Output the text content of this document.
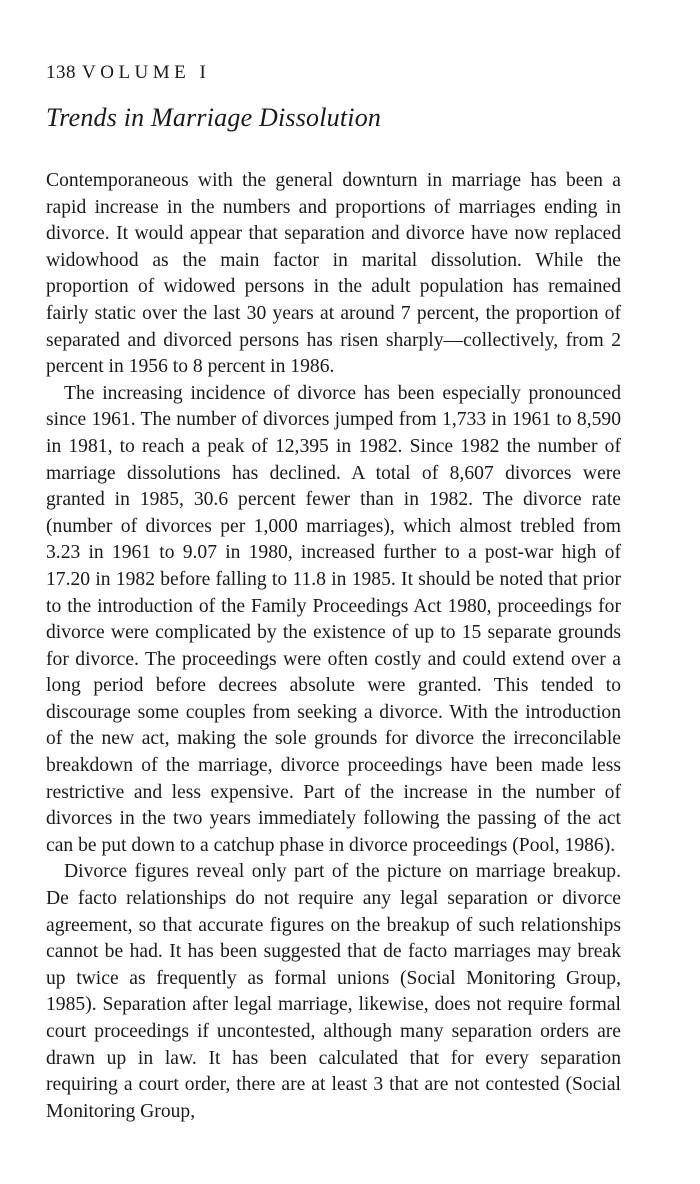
138 VOLUME I
Trends in Marriage Dissolution

Contemporaneous with the general downturn in marriage has been a rapid increase in the numbers and proportions of marriages ending in divorce. It would appear that separation and divorce have now replaced widowhood as the main factor in marital dissolution. While the proportion of widowed persons in the adult population has remained fairly static over the last 30 years at around 7 percent, the proportion of separated and divorced persons has risen sharply—collectively, from 2 percent in 1956 to 8 percent in 1986.

The increasing incidence of divorce has been especially pronounced since 1961. The number of divorces jumped from 1,733 in 1961 to 8,590 in 1981, to reach a peak of 12,395 in 1982. Since 1982 the number of marriage dissolutions has declined. A total of 8,607 divorces were granted in 1985, 30.6 percent fewer than in 1982. The divorce rate (number of divorces per 1,000 marriages), which almost trebled from 3.23 in 1961 to 9.07 in 1980, increased further to a post-war high of 17.20 in 1982 before falling to 11.8 in 1985. It should be noted that prior to the introduction of the Family Proceedings Act 1980, proceedings for divorce were complicated by the existence of up to 15 separate grounds for divorce. The proceedings were often costly and could extend over a long period before decrees absolute were granted. This tended to discourage some couples from seeking a divorce. With the introduction of the new act, making the sole grounds for divorce the irreconcilable breakdown of the marriage, divorce proceedings have been made less restrictive and less expensive. Part of the increase in the number of divorces in the two years immediately following the passing of the act can be put down to a catchup phase in divorce proceedings (Pool, 1986).

Divorce figures reveal only part of the picture on marriage breakup. De facto relationships do not require any legal separation or divorce agreement, so that accurate figures on the breakup of such relationships cannot be had. It has been suggested that de facto marriages may break up twice as frequently as formal unions (Social Monitoring Group, 1985). Separation after legal marriage, likewise, does not require formal court proceedings if uncontested, although many separation orders are drawn up in law. It has been calculated that for every separation requiring a court order, there are at least 3 that are not contested (Social Monitoring Group,
